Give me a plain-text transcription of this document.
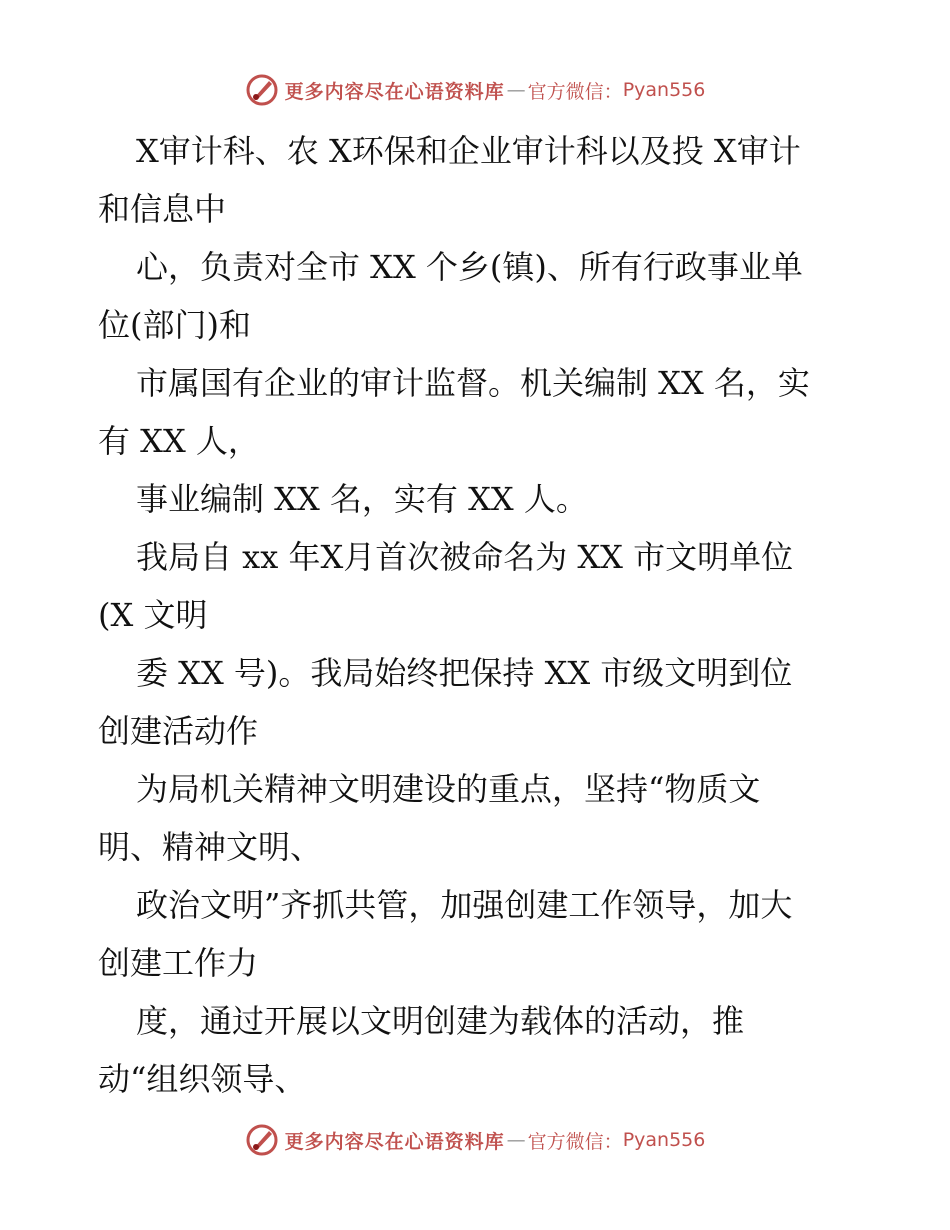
更多内容尽在心语资料库 — 官方微信： Pyan556
X审计科、农 X环保和企业审计科以及投 X审计
和信息中
心，负责对全市 XX 个乡(镇)、所有行政事业单
位(部门)和
市属国有企业的审计监督。机关编制 XX 名，实
有 XX 人，
事业编制 XX 名，实有 XX 人。
我局自 xx 年X月首次被命名为 XX 市文明单位
(X 文明
委 XX 号)。我局始终把保持 XX 市级文明到位
创建活动作
为局机关精神文明建设的重点，坚持“物质文
明、精神文明、
政治文明”齐抓共管，加强创建工作领导，加大
创建工作力
度，通过开展以文明创建为载体的活动，推
动“组织领导、
更多内容尽在心语资料库 — 官方微信： Pyan556
